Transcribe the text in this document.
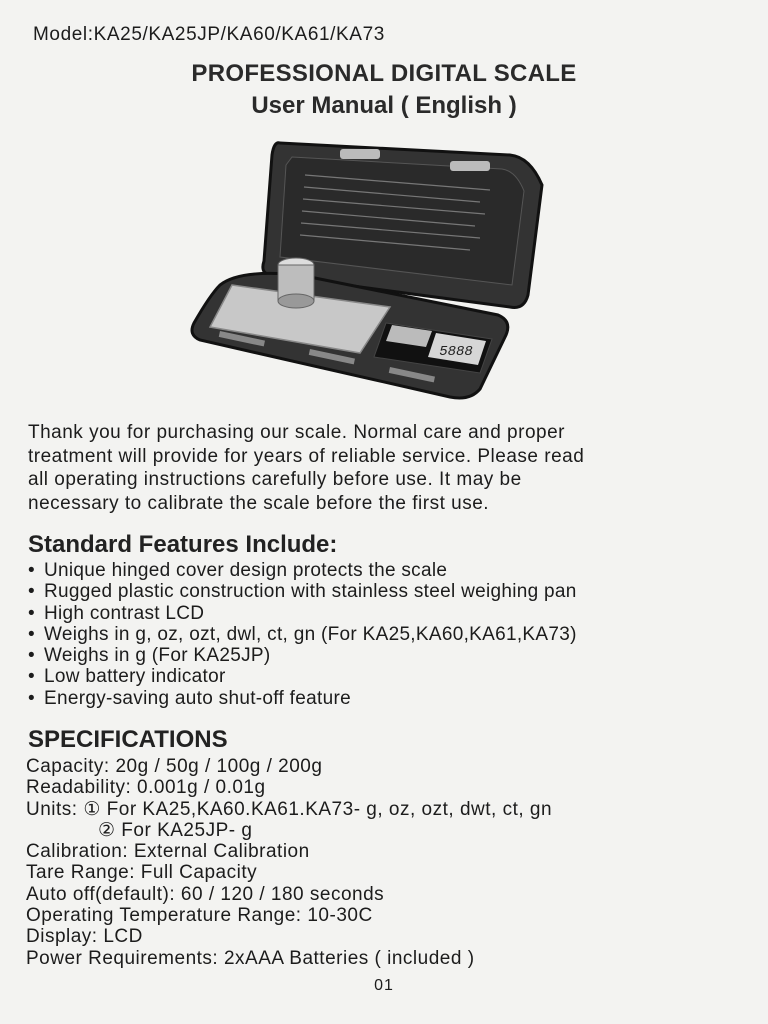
Model:KA25/KA25JP/KA60/KA61/KA73
PROFESSIONAL DIGITAL SCALE
User Manual ( English )
5888
Thank you for purchasing our scale. Normal care and proper
treatment will provide for years of reliable service. Please read
all operating instructions carefully before use. It may be
necessary to calibrate the scale before the first use.
Standard Features Include:
• Unique hinged cover design protects the scale
• Rugged plastic construction with stainless steel weighing pan
• High contrast LCD
• Weighs in g, oz, ozt, dwl, ct, gn (For KA25,KA60,KA61,KA73)
• Weighs in g (For KA25JP)
• Low battery indicator
• Energy-saving auto shut-off feature
SPECIFICATIONS
Capacity: 20g / 50g / 100g / 200g
Readability: 0.001g / 0.01g
Units: ① For KA25,KA60.KA61.KA73- g, oz, ozt, dwt, ct, gn
② For KA25JP- g
Calibration: External Calibration
Tare Range: Full Capacity
Auto off(default): 60 / 120 / 180 seconds
Operating Temperature Range: 10-30C
Display: LCD
Power Requirements: 2xAAA Batteries ( included )
01
